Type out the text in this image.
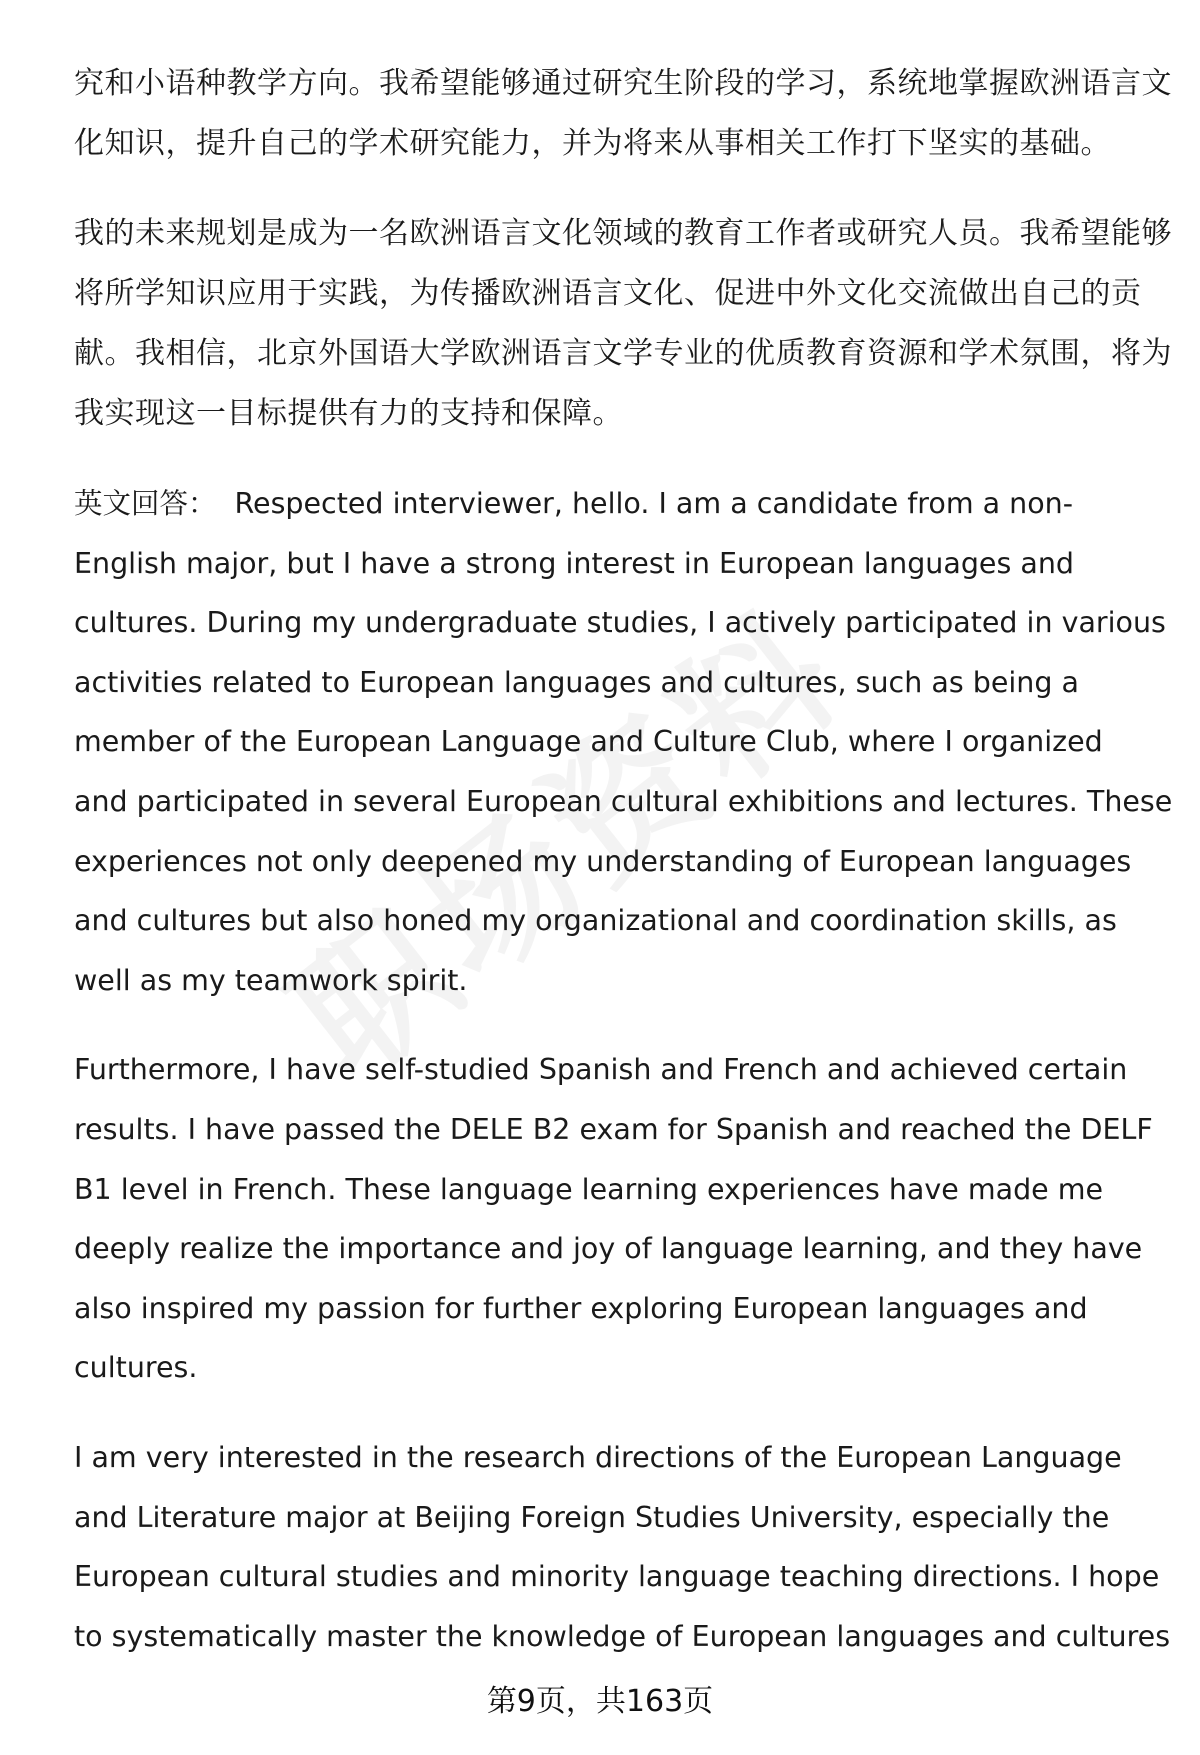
究和小语种教学方向。我希望能够通过研究生阶段的学习，系统地掌握欧洲语言文
化知识，提升自己的学术研究能力，并为将来从事相关工作打下坚实的基础。
我的未来规划是成为一名欧洲语言文化领域的教育工作者或研究人员。我希望能够
将所学知识应用于实践，为传播欧洲语言文化、促进中外文化交流做出自己的贡
献。我相信，北京外国语大学欧洲语言文学专业的优质教育资源和学术氛围，将为
我实现这一目标提供有力的支持和保障。
英文回答： Respected interviewer, hello. I am a candidate from a non-
English major, but I have a strong interest in European languages and
cultures. During my undergraduate studies, I actively participated in various
activities related to European languages and cultures, such as being a
member of the European Language and Culture Club, where I organized
and participated in several European cultural exhibitions and lectures. These
experiences not only deepened my understanding of European languages
and cultures but also honed my organizational and coordination skills, as
well as my teamwork spirit.
Furthermore, I have self-studied Spanish and French and achieved certain
results. I have passed the DELE B2 exam for Spanish and reached the DELF
B1 level in French. These language learning experiences have made me
deeply realize the importance and joy of language learning, and they have
also inspired my passion for further exploring European languages and
cultures.
I am very interested in the research directions of the European Language
and Literature major at Beijing Foreign Studies University, especially the
European cultural studies and minority language teaching directions. I hope
to systematically master the knowledge of European languages and cultures
第9页，共163页
